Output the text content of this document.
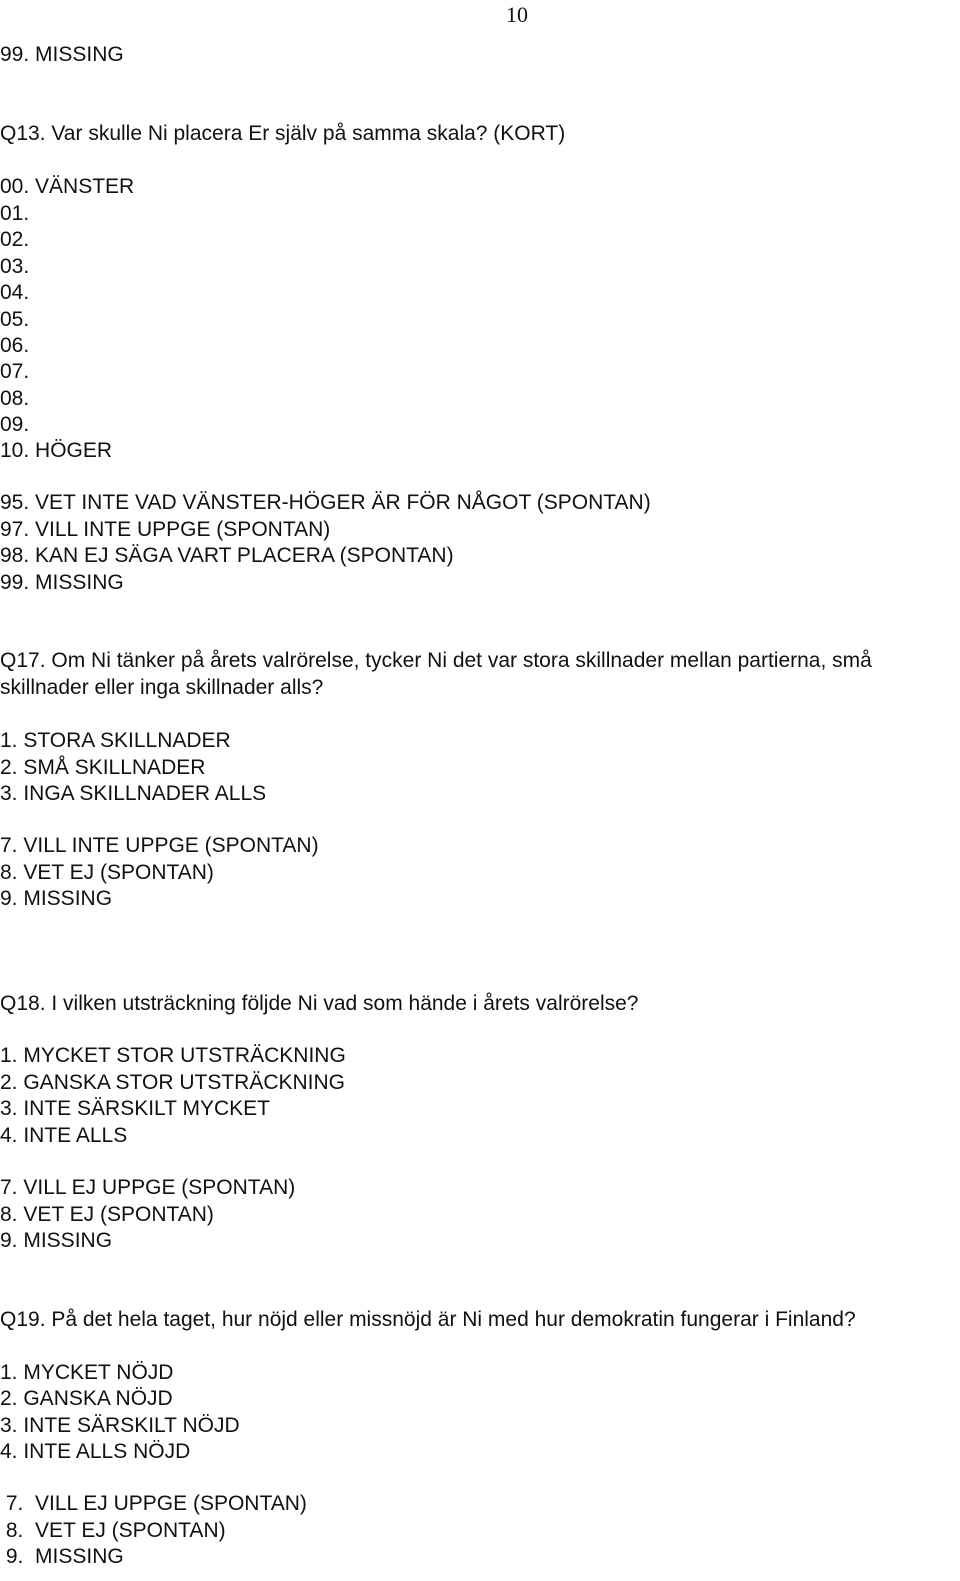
10
99. MISSING
Q13. Var skulle Ni placera Er själv på samma skala? (KORT)
00. VÄNSTER
01.
02.
03.
04.
05.
06.
07.
08.
09.
10. HÖGER
95. VET INTE VAD VÄNSTER-HÖGER ÄR FÖR NÅGOT (SPONTAN)
97. VILL INTE UPPGE (SPONTAN)
98. KAN EJ SÄGA VART PLACERA (SPONTAN)
99. MISSING
Q17. Om Ni tänker på årets valrörelse, tycker Ni det var stora skillnader mellan partierna, små skillnader eller inga skillnader alls?
1. STORA SKILLNADER
2. SMÅ SKILLNADER
3. INGA SKILLNADER ALLS
7. VILL INTE UPPGE (SPONTAN)
8. VET EJ (SPONTAN)
9. MISSING
Q18. I vilken utsträckning följde Ni vad som hände i årets valrörelse?
1. MYCKET STOR UTSTRÄCKNING
2. GANSKA STOR UTSTRÄCKNING
3. INTE SÄRSKILT MYCKET
4. INTE ALLS
7. VILL EJ UPPGE (SPONTAN)
8. VET EJ (SPONTAN)
9. MISSING
Q19. På det hela taget, hur nöjd eller missnöjd är Ni med hur demokratin fungerar i Finland?
1. MYCKET NÖJD
2. GANSKA NÖJD
3. INTE SÄRSKILT NÖJD
4. INTE ALLS NÖJD
7.  VILL EJ UPPGE (SPONTAN)
8.  VET EJ (SPONTAN)
9.  MISSING
